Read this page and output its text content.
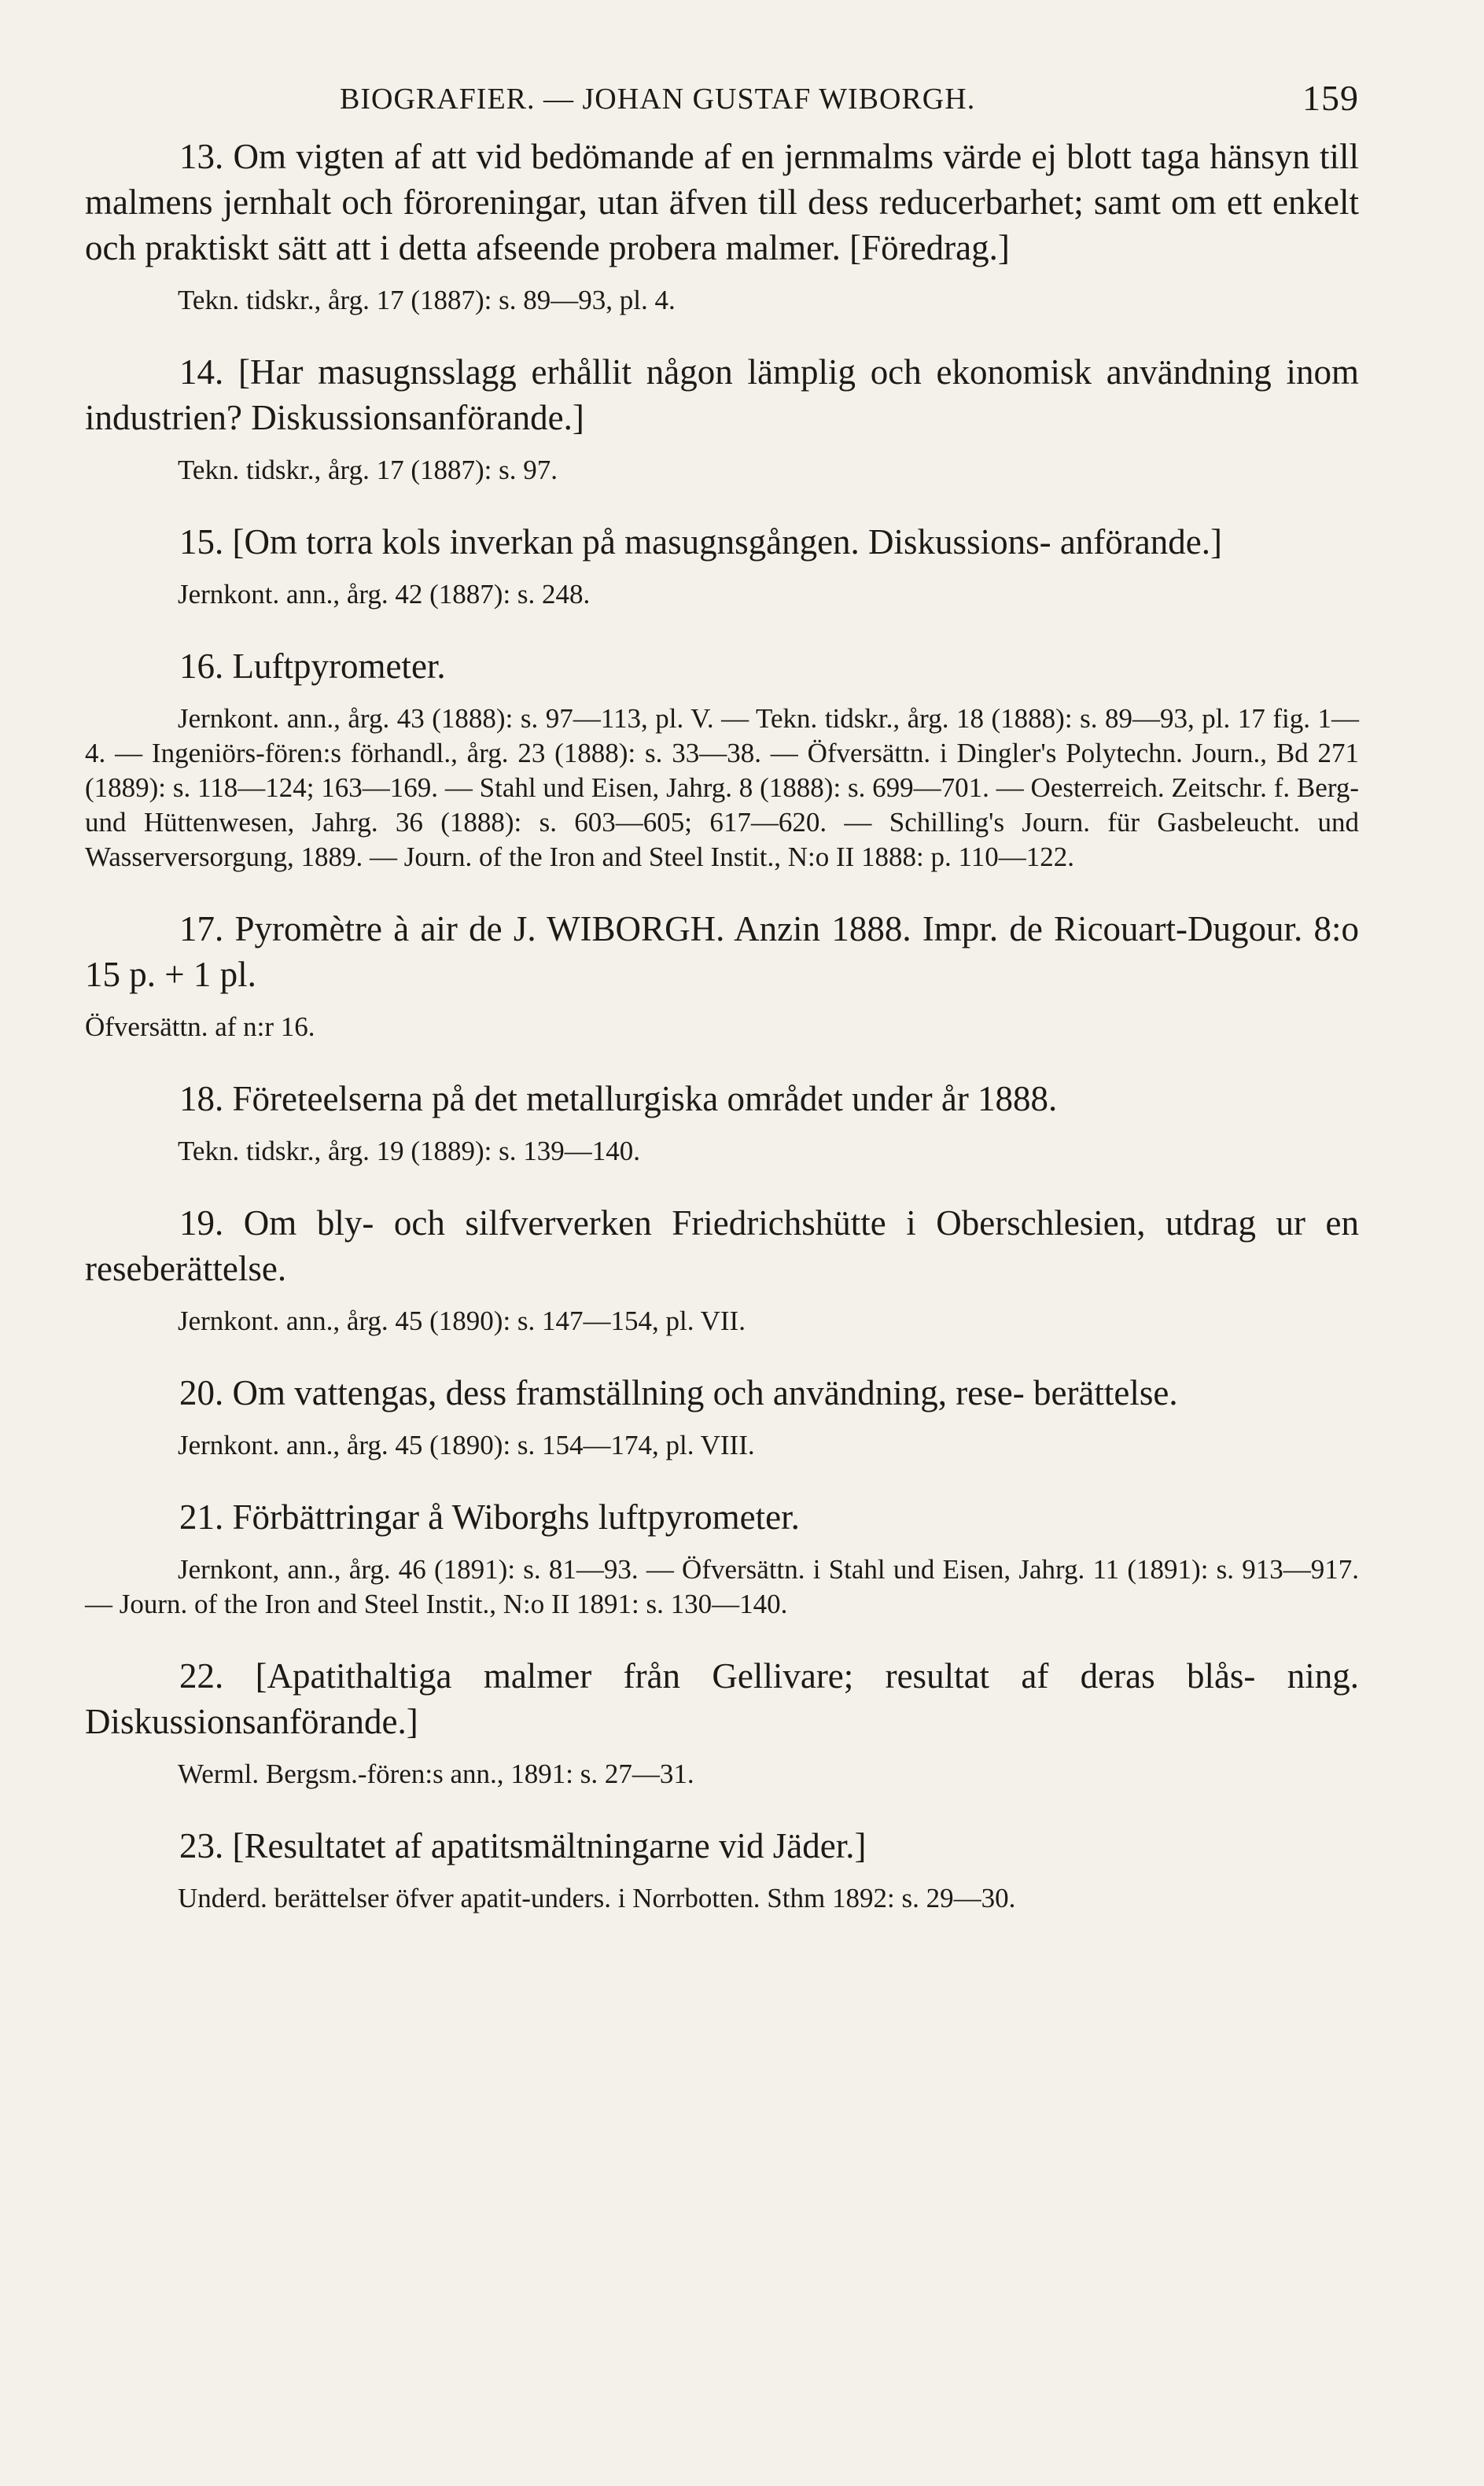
BIOGRAFIER. — JOHAN GUSTAF WIBORGH.	159
13. Om vigten af att vid bedömande af en jernmalms värde ej blott taga hänsyn till malmens jernhalt och föroreningar, utan äfven till dess reducerbarhet; samt om ett enkelt och praktiskt sätt att i detta afseende probera malmer. [Föredrag.]
Tekn. tidskr., årg. 17 (1887): s. 89—93, pl. 4.
14. [Har masugnsslagg erhållit någon lämplig och ekonomisk användning inom industrien? Diskussionsanförande.]
Tekn. tidskr., årg. 17 (1887): s. 97.
15. [Om torra kols inverkan på masugnsgången. Diskussions- anförande.]
Jernkont. ann., årg. 42 (1887): s. 248.
16. Luftpyrometer.
Jernkont. ann., årg. 43 (1888): s. 97—113, pl. V. — Tekn. tidskr., årg. 18 (1888): s. 89—93, pl. 17 fig. 1—4. — Ingeniörs-fören:s förhandl., årg. 23 (1888): s. 33—38. — Öfversättn. i Dingler's Polytechn. Journ., Bd 271 (1889): s. 118—124; 163—169. — Stahl und Eisen, Jahrg. 8 (1888): s. 699—701. — Oesterreich. Zeitschr. f. Berg- und Hüttenwesen, Jahrg. 36 (1888): s. 603—605; 617—620. — Schilling's Journ. für Gasbeleucht. und Wasserversorgung, 1889. — Journ. of the Iron and Steel Instit., N:o II 1888: p. 110—122.
17. Pyromètre à air de J. WIBORGH. Anzin 1888. Impr. de Ricouart-Dugour. 8:o 15 p. + 1 pl.
Öfversättn. af n:r 16.
18. Företeelserna på det metallurgiska området under år 1888.
Tekn. tidskr., årg. 19 (1889): s. 139—140.
19. Om bly- och silfververken Friedrichshütte i Oberschlesien, utdrag ur en reseberättelse.
Jernkont. ann., årg. 45 (1890): s. 147—154, pl. VII.
20. Om vattengas, dess framställning och användning, rese- berättelse.
Jernkont. ann., årg. 45 (1890): s. 154—174, pl. VIII.
21. Förbättringar å Wiborghs luftpyrometer.
Jernkont, ann., årg. 46 (1891): s. 81—93. — Öfversättn. i Stahl und Eisen, Jahrg. 11 (1891): s. 913—917. — Journ. of the Iron and Steel Instit., N:o II 1891: s. 130—140.
22. [Apatithaltiga malmer från Gellivare; resultat af deras blås- ning. Diskussionsanförande.]
Werml. Bergsm.-fören:s ann., 1891: s. 27—31.
23. [Resultatet af apatitsmältningarne vid Jäder.]
Underd. berättelser öfver apatit-unders. i Norrbotten. Sthm 1892: s. 29—30.
